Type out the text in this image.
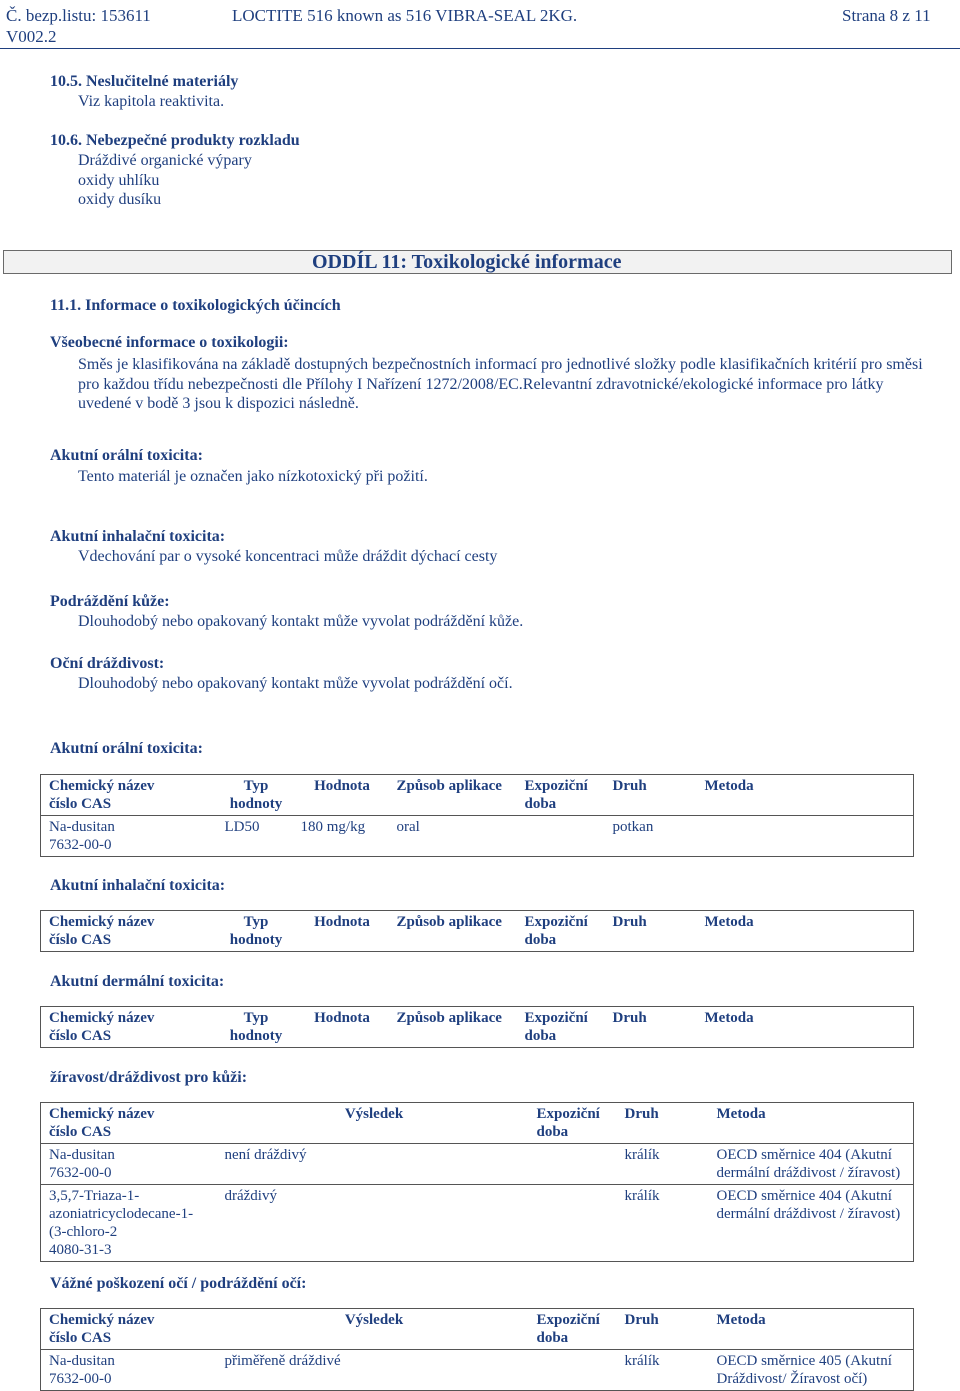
Č. bezp.listu: 153611
V002.2
LOCTITE 516 known as 516 VIBRA-SEAL 2KG.	Strana 8 z 11
10.5. Neslučitelné materiály
Viz kapitola reaktivita.
10.6. Nebezpečné produkty rozkladu
Dráždivé organické výpary
oxidy uhlíku
oxidy dusíku
ODDÍL 11: Toxikologické informace
11.1. Informace o toxikologických účincích
Všeobecné informace o toxikologii:
Směs je klasifikována na základě dostupných bezpečnostních informací pro jednotlivé složky podle klasifikačních kritérií pro směsi pro každou třídu nebezpečnosti dle Přílohy I Nařízení 1272/2008/EC.Relevantní zdravotnické/ekologické informace pro látky uvedené v bodě 3 jsou k dispozici následně.
Akutní orální toxicita:
Tento materiál je označen jako nízkotoxický při požití.
Akutní inhalační toxicita:
Vdechování par o vysoké koncentraci může dráždit dýchací cesty
Podráždění kůže:
Dlouhodobý nebo opakovaný kontakt může vyvolat podráždění kůže.
Oční dráždivost:
Dlouhodobý nebo opakovaný kontakt může vyvolat podráždění očí.
Akutní orální toxicita:
Chemický název
číslo CAS	Typ
hodnoty	Hodnota	Způsob aplikace	Expoziční
doba	Druh	Metoda
Na-dusitan
7632-00-0	LD50	180 mg/kg	oral		potkan	
Akutní inhalační toxicita:
Chemický název
číslo CAS	Typ
hodnoty	Hodnota	Způsob aplikace	Expoziční
doba	Druh	Metoda
Akutní dermální toxicita:
Chemický název
číslo CAS	Typ
hodnoty	Hodnota	Způsob aplikace	Expoziční
doba	Druh	Metoda
žíravost/dráždivost pro kůži:
Chemický název
číslo CAS	Výsledek	Expoziční
doba	Druh	Metoda
Na-dusitan
7632-00-0	není dráždivý		králík	OECD směrnice 404 (Akutní
dermální dráždivost / žíravost)
3,5,7-Triaza-1-
azoniatricyclodecane-1-
(3-chloro-2
4080-31-3	dráždivý		králík	OECD směrnice 404 (Akutní
dermální dráždivost / žíravost)
Vážné poškození očí / podráždění očí:
Chemický název
číslo CAS	Výsledek	Expoziční
doba	Druh	Metoda
Na-dusitan
7632-00-0	přiměřeně dráždivé		králík	OECD směrnice 405 (Akutní
Dráždivost/ Žíravost očí)
